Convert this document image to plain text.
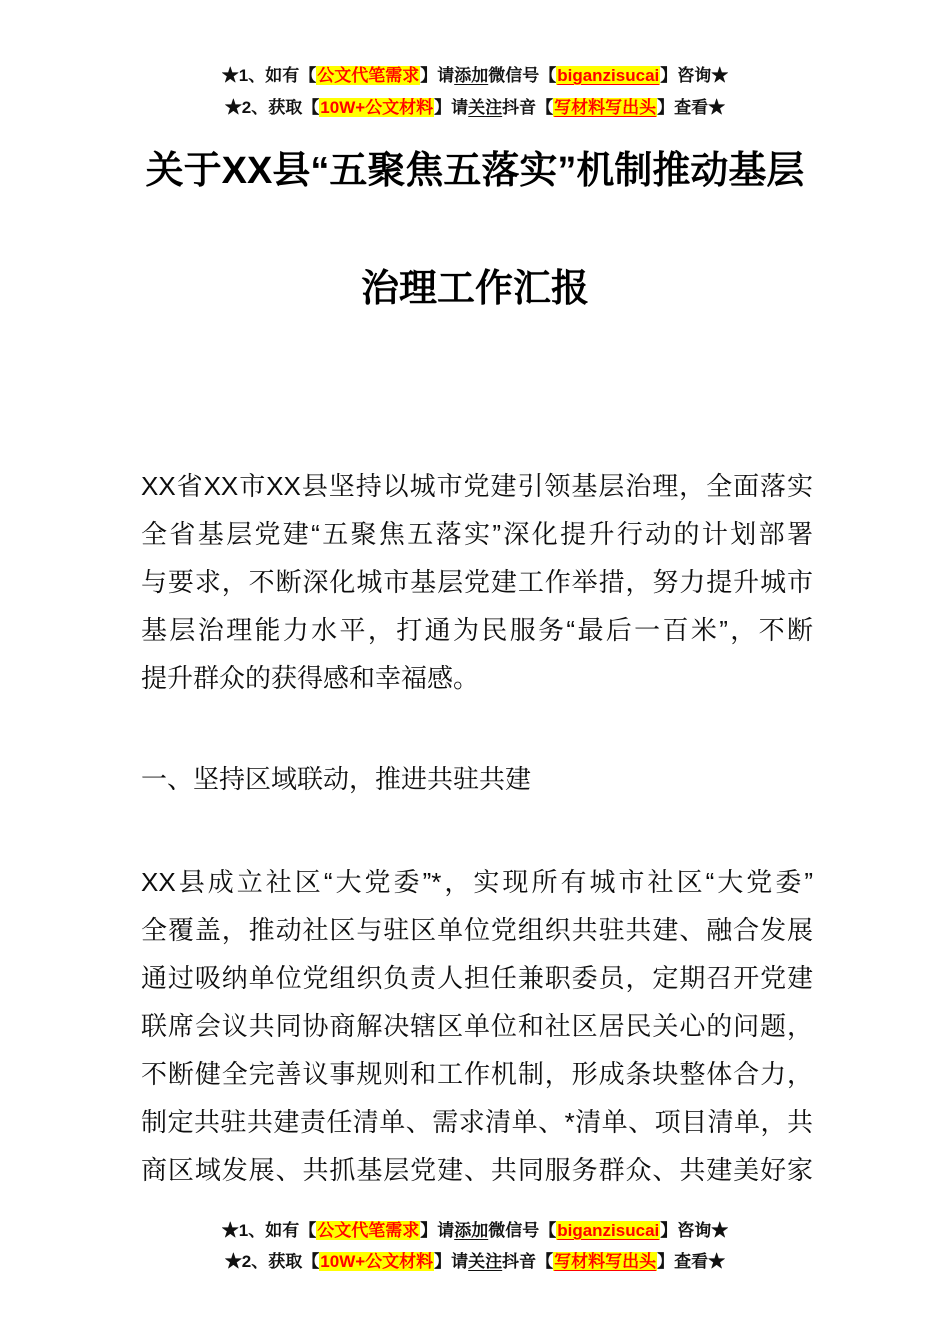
★1、如有【公文代笔需求】请添加微信号【biganzisucai】咨询★
★2、获取【10W+公文材料】请关注抖音【写材料写出头】查看★
关于XX县“五聚焦五落实”机制推动基层
治理工作汇报
XX省XX市XX县坚持以城市党建引领基层治理，全面落实
全省基层党建“五聚焦五落实”深化提升行动的计划部署
与要求，不断深化城市基层党建工作举措，努力提升城市
基层治理能力水平，打通为民服务“最后一百米”，不断
提升群众的获得感和幸福感。
一、坚持区域联动，推进共驻共建
XX县成立社区“大党委”*，实现所有城市社区“大党委”
全覆盖，推动社区与驻区单位党组织共驻共建、融合发展
通过吸纳单位党组织负责人担任兼职委员，定期召开党建
联席会议共同协商解决辖区单位和社区居民关心的问题，
不断健全完善议事规则和工作机制，形成条块整体合力，
制定共驻共建责任清单、需求清单、*清单、项目清单，共
商区域发展、共抓基层党建、共同服务群众、共建美好家
★1、如有【公文代笔需求】请添加微信号【biganzisucai】咨询★
★2、获取【10W+公文材料】请关注抖音【写材料写出头】查看★
